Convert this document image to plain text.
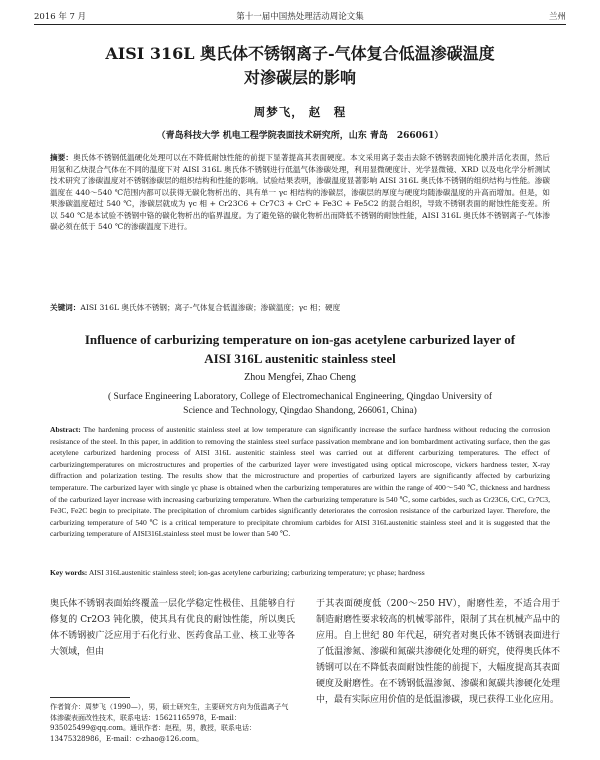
2016 年 7 月	第十一届中国热处理活动周论文集	兰州
AISI 316L 奥氏体不锈钢离子-气体复合低温渗碳温度
对渗碳层的影响
周梦飞， 赵　程
（青岛科技大学 机电工程学院表面技术研究所，山东 青岛　266061）
摘要：奥氏体不锈钢低温硬化处理可以在不降低耐蚀性能的前提下显著提高其表面硬度。本文采用离子轰击去除不锈钢表面钝化膜并活化表面，然后用氢和乙炔混合气体在不同的温度下对 AISI 316L 奥氏体不锈钢进行低温气体渗碳处理，利用显微硬度计、光学显微镜、XRD 以及电化学分析测试技术研究了渗碳温度对不锈钢渗碳层的组织结构和性能的影响。试验结果表明，渗碳温度显著影响 AISI 316L 奥氏体不锈钢的组织结构与性能。渗碳温度在 440～540 ℃范围内都可以获得无碳化物析出的、具有单一 γc 相结构的渗碳层，渗碳层的厚度与硬度均随渗碳温度的升高而增加。但是，如果渗碳温度超过 540 ℃，渗碳层就成为 γc 相 + Cr23C6 + Cr7C3 + CrC + Fe3C + Fe5C2 的混合组织，导致不锈钢表面的耐蚀性能变差。所以 540 ℃是本试验不锈钢中铬的碳化物析出的临界温度。为了避免铬的碳化物析出而降低不锈钢的耐蚀性能，AISI 316L 奥氏体不锈钢离子-气体渗碳必须在低于 540 ℃的渗碳温度下进行。
关键词：AISI 316L 奥氏体不锈钢；离子-气体复合低温渗碳；渗碳温度；γc 相；硬度
Influence of carburizing temperature on ion-gas acetylene carburized layer of
AISI 316L austenitic stainless steel
Zhou Mengfei, Zhao Cheng
( Surface Engineering Laboratory, College of Electromechanical Engineering, Qingdao University of
Science and Technology, Qingdao Shandong, 266061, China)
Abstract: The hardening process of austenitic stainless steel at low temperature can significantly increase the surface hardness without reducing the corrosion resistance of the steel. In this paper, in addition to removing the stainless steel surface passivation membrane and ion bombardment activating surface, then the gas acetylene carburized hardening process of AISI 316L austenitic stainless steel was carried out at different carburizing temperatures. The effect of carburizingtemperatures on microstructures and properties of the carburized layer were investigated using optical microscope, vickers hardness tester, X-ray diffraction and polarization testing. The results show that the microstructure and properties of carburized layers are significantly affected by carburizing temperature. The carburized layer with single γc phase is obtained when the carburizing temperatures are within the range of 400～540 ℃, thickness and hardness of the carburized layer increase with increasing carburizing temperature. When the carburizing temperature is 540 ℃, some carbides, such as Cr23C6, CrC, Cr7C3, Fe3C, Fe2C begin to precipitate. The precipitation of chromium carbides significantly deteriorates the corrosion resistance of the carburized layer. Therefore, the carburizing temperature of 540 ℃ is a critical temperature to precipitate chromium carbides for AISI 316Laustenitic stainless steel and it is suggested that the carburizing temperature of AISI316Lstainless steel must be lower than 540 ℃.
Key words: AISI 316Laustenitic stainless steel; ion-gas acetylene carburizing; carburizing temperature; γc phase; hardness
奥氏体不锈钢表面始终覆盖一层化学稳定性极佳、且能够自行修复的 Cr2O3 钝化膜，使其具有优良的耐蚀性能，所以奥氏体不锈钢被广泛应用于石化行业、医药食品工业、核工业等各大领域，但由
于其表面硬度低（200～250 HV），耐磨性差，不适合用于制造耐磨性要求较高的机械零部件，限制了其在机械产品中的应用。自上世纪 80 年代起，研究者对奥氏体不锈钢表面进行了低温渗氮、渗碳和氮碳共渗硬化处理的研究，使得奥氏体不锈钢可以在不降低表面耐蚀性能的前提下，大幅度提高其表面硬度及耐磨性。在不锈钢低温渗氮、渗碳和氮碳共渗硬化处理中，最有实际应用价值的是低温渗碳，现已获得工业化应用。
作者简介：周梦飞（1990—），男，硕士研究生，主要研究方向为低温离子气体渗碳表面改性技术，联系电话：15621165978，E-mail：935025499@qq.com。通讯作者：赵程，男，教授，联系电话：13475328986，E-mail：c-zhao@126.com。
